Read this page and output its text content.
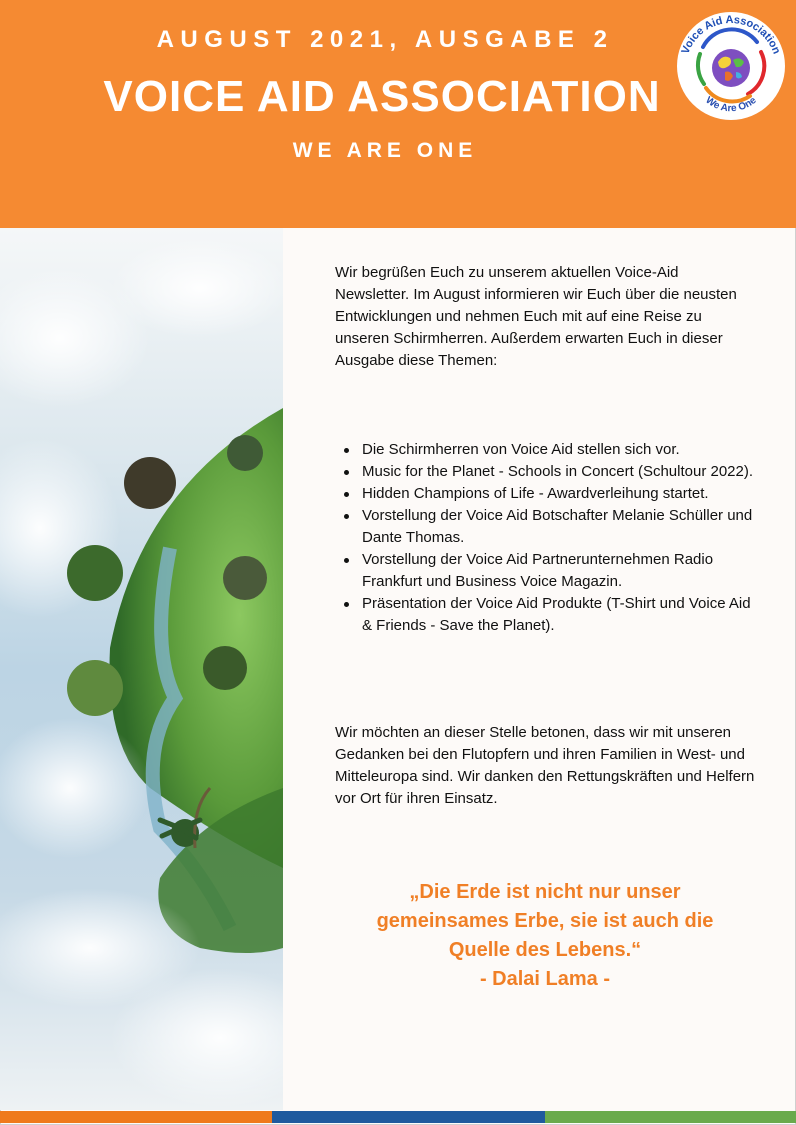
AUGUST 2021, AUSGABE 2
VOICE AID ASSOCIATION
WE ARE ONE
Voice Aid Association
We Are One

Wir begrüßen Euch zu unserem aktuellen Voice-Aid Newsletter. Im August informieren wir Euch über die neusten Entwicklungen und nehmen Euch mit auf eine Reise zu unseren Schirmherren. Außerdem erwarten Euch in dieser Ausgabe diese Themen:

Die Schirmherren von Voice Aid stellen sich vor.
Music for the Planet - Schools in Concert (Schultour 2022).
Hidden Champions of Life - Awardverleihung startet.
Vorstellung der Voice Aid Botschafter Melanie Schüller und Dante Thomas.
Vorstellung der Voice Aid Partnerunternehmen Radio Frankfurt und Business Voice Magazin.
Präsentation der Voice Aid Produkte (T-Shirt und Voice Aid & Friends - Save the Planet).

Wir möchten an dieser Stelle betonen, dass wir mit unseren Gedanken bei den Flutopfern und ihren Familien in West- und Mitteleuropa sind. Wir danken den Rettungskräften und Helfern vor Ort für ihren Einsatz.

„Die Erde ist nicht nur unser
gemeinsames Erbe, sie ist auch die
Quelle des Lebens.“
- Dalai Lama -
